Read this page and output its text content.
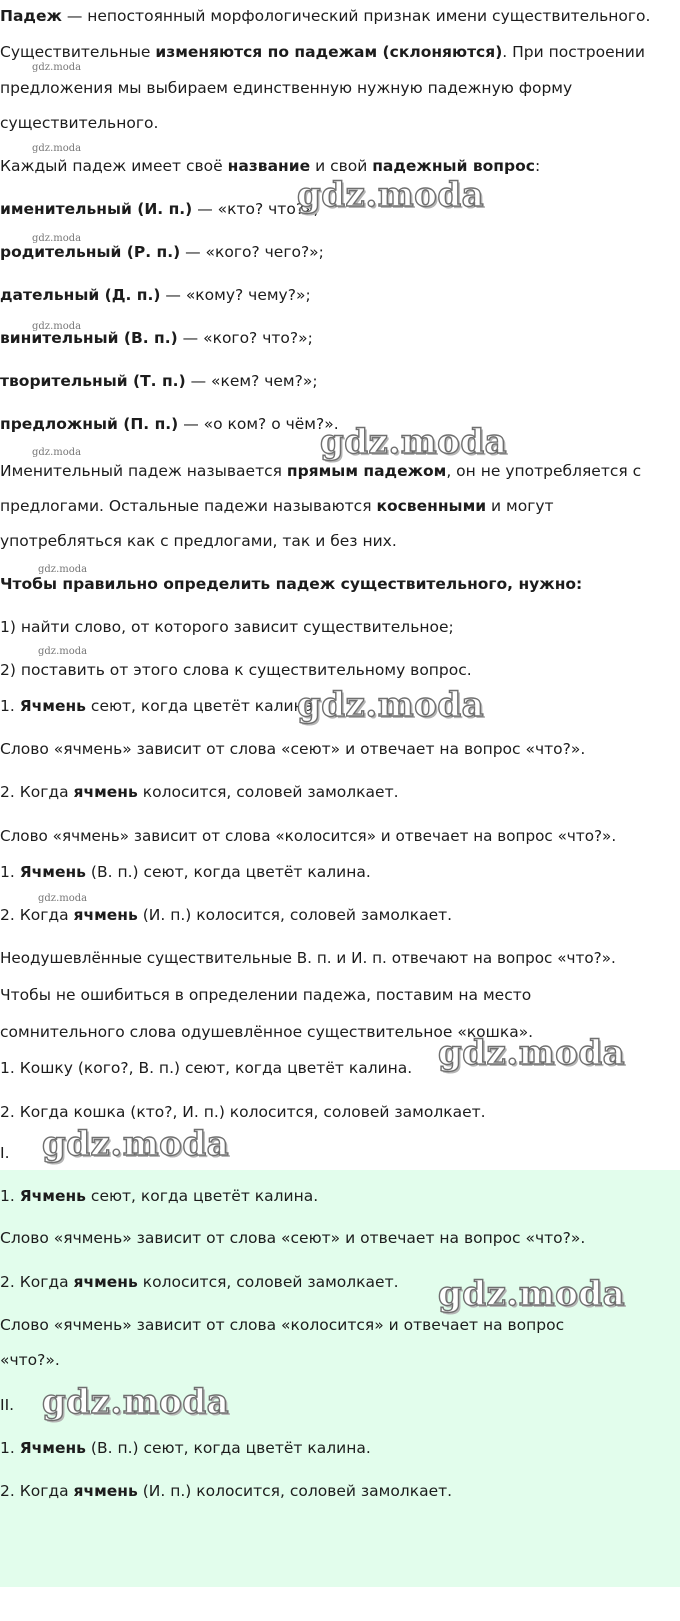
Падеж — непостоянный морфологический признак имени существительного.
Существительные изменяются по падежам (склоняются). При построении
предложения мы выбираем единственную нужную падежную форму
существительного.
Каждый падеж имеет своё название и свой падежный вопрос:
именительный (И. п.) — «кто? что?»;
родительный (Р. п.) — «кого? чего?»;
дательный (Д. п.) — «кому? чему?»;
винительный (В. п.) — «кого? что?»;
творительный (Т. п.) — «кем? чем?»;
предложный (П. п.) — «о ком? о чём?».
Именительный падеж называется прямым падежом, он не употребляется с
предлогами. Остальные падежи называются косвенными и могут
употребляться как с предлогами, так и без них.
Чтобы правильно определить падеж существительного, нужно:
1) найти слово, от которого зависит существительное;
2) поставить от этого слова к существительному вопрос.
1. Ячмень сеют, когда цветёт калина.
Слово «ячмень» зависит от слова «сеют» и отвечает на вопрос «что?».
2. Когда ячмень колосится, соловей замолкает.
Слово «ячмень» зависит от слова «колосится» и отвечает на вопрос «что?».
1. Ячмень (В. п.) сеют, когда цветёт калина.
2. Когда ячмень (И. п.) колосится, соловей замолкает.
Неодушевлённые существительные В. п. и И. п. отвечают на вопрос «что?».
Чтобы не ошибиться в определении падежа, поставим на место
сомнительного слова одушевлённое существительное «кошка».
1. Кошку (кого?, В. п.) сеют, когда цветёт калина.
2. Когда кошка (кто?, И. п.) колосится, соловей замолкает.
I.
1. Ячмень сеют, когда цветёт калина.
Слово «ячмень» зависит от слова «сеют» и отвечает на вопрос «что?».
2. Когда ячмень колосится, соловей замолкает.
Слово «ячмень» зависит от слова «колосится» и отвечает на вопрос
«что?».
II.
1. Ячмень (В. п.) сеют, когда цветёт калина.
2. Когда ячмень (И. п.) колосится, соловей замолкает.
gdz.moda
gdz.moda
gdz.moda
gdz.moda
gdz.moda
gdz.moda
gdz.moda
gdz.moda
gdz.moda
gdz.moda
gdz.moda
gdz.moda
gdz.moda
gdz.moda
gdz.moda
